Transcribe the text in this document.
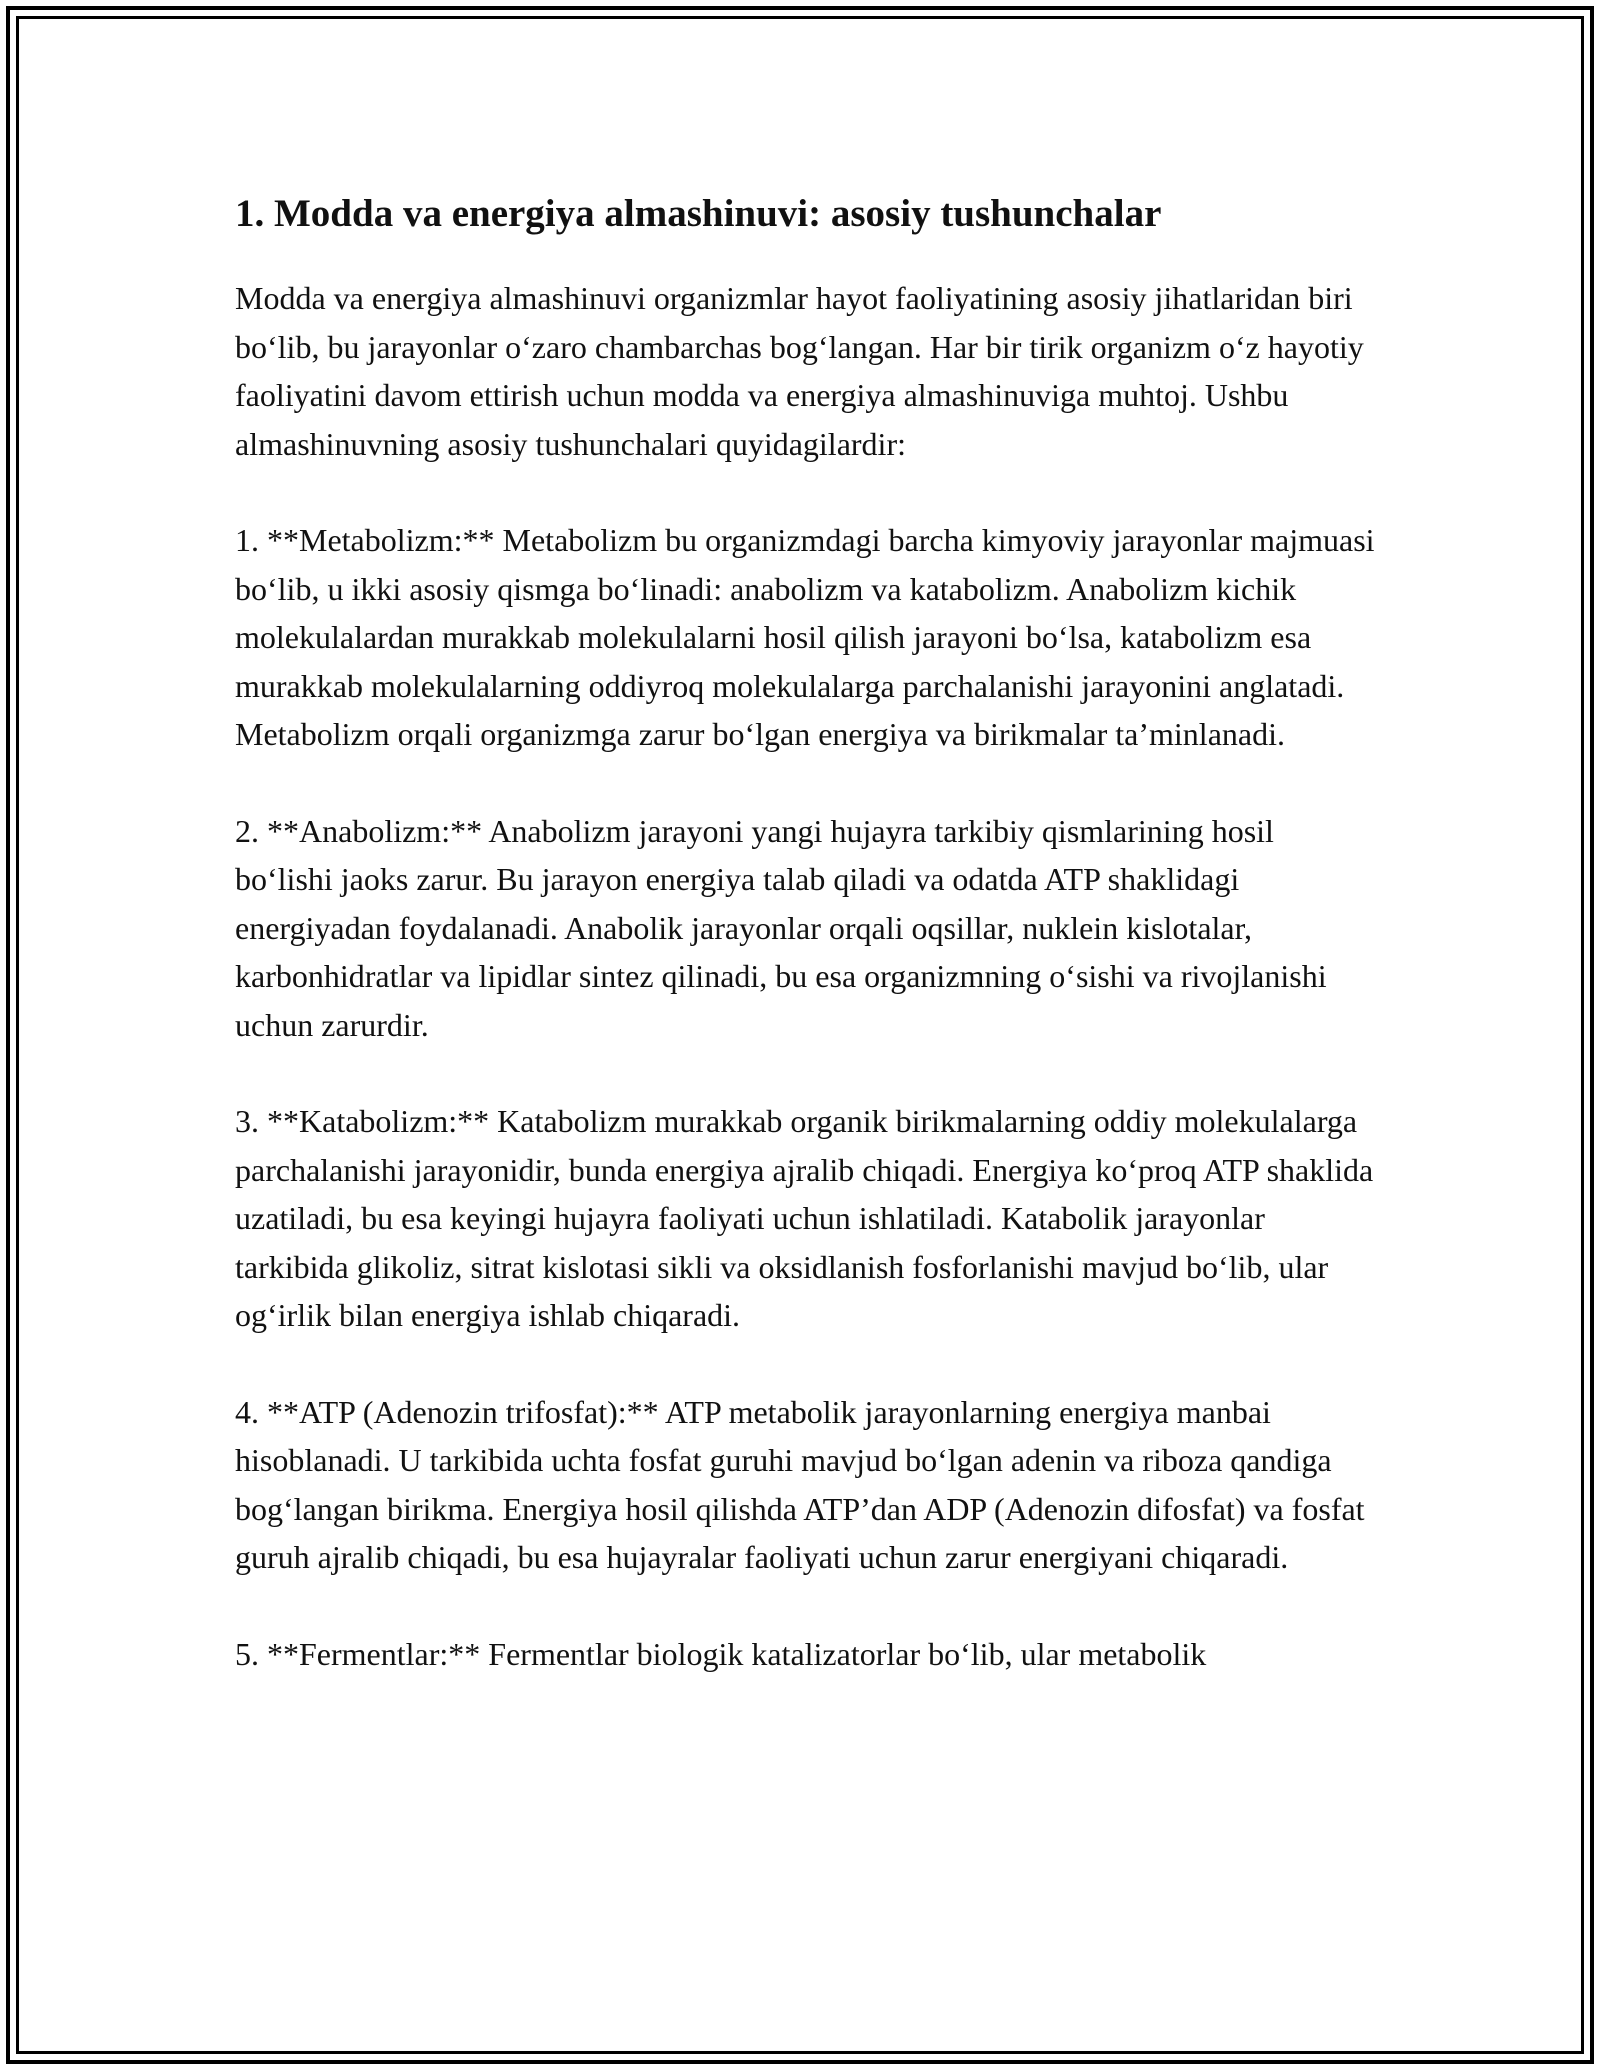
1. Modda va energiya almashinuvi: asosiy tushunchalar

Modda va energiya almashinuvi organizmlar hayot faoliyatining asosiy jihatlaridan biri bo‘lib, bu jarayonlar o‘zaro chambarchas bog‘langan. Har bir tirik organizm o‘z hayotiy faoliyatini davom ettirish uchun modda va energiya almashinuviga muhtoj. Ushbu almashinuvning asosiy tushunchalari quyidagilardir:

1. **Metabolizm:** Metabolizm bu organizmdagi barcha kimyoviy jarayonlar majmuasi bo‘lib, u ikki asosiy qismga bo‘linadi: anabolizm va katabolizm. Anabolizm kichik molekulalardan murakkab molekulalarni hosil qilish jarayoni bo‘lsa, katabolizm esa murakkab molekulalarning oddiyroq molekulalarga parchalanishi jarayonini anglatadi. Metabolizm orqali organizmga zarur bo‘lgan energiya va birikmalar ta’minlanadi.

2. **Anabolizm:** Anabolizm jarayoni yangi hujayra tarkibiy qismlarining hosil bo‘lishi jaoks zarur. Bu jarayon energiya talab qiladi va odatda ATP shaklidagi energiyadan foydalanadi. Anabolik jarayonlar orqali oqsillar, nuklein kislotalar, karbonhidratlar va lipidlar sintez qilinadi, bu esa organizmning o‘sishi va rivojlanishi uchun zarurdir.

3. **Katabolizm:** Katabolizm murakkab organik birikmalarning oddiy molekulalarga parchalanishi jarayonidir, bunda energiya ajralib chiqadi. Energiya ko‘proq ATP shaklida uzatiladi, bu esa keyingi hujayra faoliyati uchun ishlatiladi. Katabolik jarayonlar tarkibida glikoliz, sitrat kislotasi sikli va oksidlanish fosforlanishi mavjud bo‘lib, ular og‘irlik bilan energiya ishlab chiqaradi.

4. **ATP (Adenozin trifosfat):** ATP metabolik jarayonlarning energiya manbai hisoblanadi. U tarkibida uchta fosfat guruhi mavjud bo‘lgan adenin va riboza qandiga bog‘langan birikma. Energiya hosil qilishda ATP’dan ADP (Adenozin difosfat) va fosfat guruh ajralib chiqadi, bu esa hujayralar faoliyati uchun zarur energiyani chiqaradi.

5. **Fermentlar:** Fermentlar biologik katalizatorlar bo‘lib, ular metabolik
